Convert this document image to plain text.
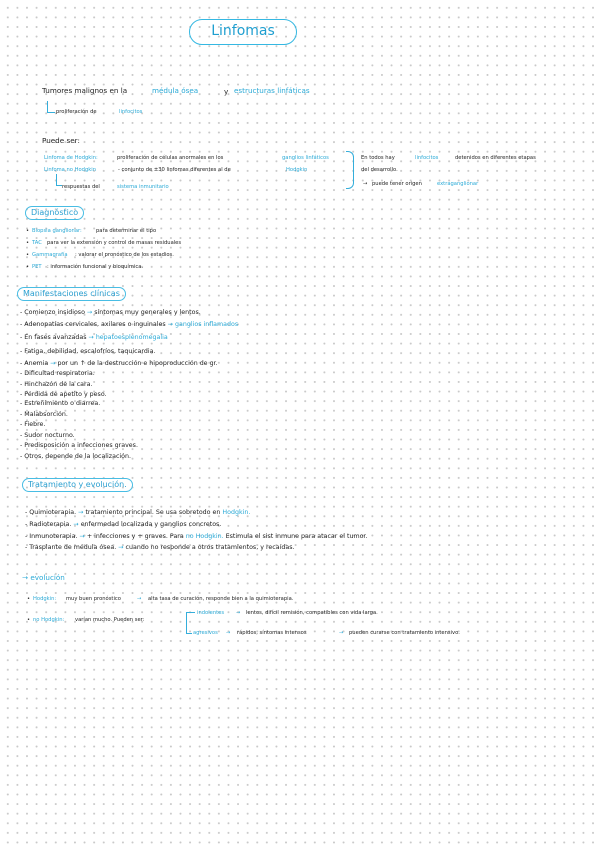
Linfomas
Tumores malignos en la	médula ósea	y estructuras linfáticas
proliferación de	linfocitos
Puede ser:
Linfoma de Hodgkin:	proliferación de células anormales en los	ganglios linfáticos
Linfoma no Hodgkin	- conjunto de ±30 linfomas diferentes al de	Hodgkin
respuestas del	sistema inmunitario
En todos hay	linfocitos	detenidos en diferentes etapas
del desarrollo.
→ puede tener origen	extraganglionar
Diagnóstico
• Biopsia ganglionar:	para determinar el tipo
• TAC para ver la extensión y control de masas residuales
• Gammagrafía : valorar el pronóstico de los estadios.
• PET : información funcional y bioquímica.
Manifestaciones clínicas
- Comienzo insidioso → síntomas muy generales y lentos.
- Adenopatías cervicales, axilares o inguinales → ganglios inflamados
- En fases avanzadas → hepatoesplenomegalia
- Fatiga, debilidad, escalofríos, taquicardia.
- Anemia → por un ↑ de la destrucción e hipoproducción de gr.
- Dificultad respiratoria.
- Hinchazón de la cara.
- Pérdida de apetito y peso.
- Estreñimiento o diarrea.
- Malabsorción.
- Fiebre.
- Sudor nocturno.
- Predisposición a infecciones graves.
- Otros, depende de la localización.
Tratamiento y evolución.
- Quimioterapia. → tratamiento principal. Se usa sobretodo en Hodgkin.
- Radioterapia. → enfermedad localizada y ganglios concretos.
- Inmunoterapia. → + infecciones y + graves. Para no Hodgkin. Estimula el sist inmune para atacar el tumor.
- Trasplante de médula ósea. → cuando no responde a otros tratamientos, y recaídas.
→ evolución
• Hodgkin: muy buen pronóstico	→ alta tasa de curación, responde bien a la quimioterapia.
• no Hodgkin: varían mucho. Pueden ser:
indolentes → lentos, difícil remisión, compatibles con vida larga.
agresivos → rápidos, síntomas intensos	→ pueden curarse con tratamiento intensivo.
